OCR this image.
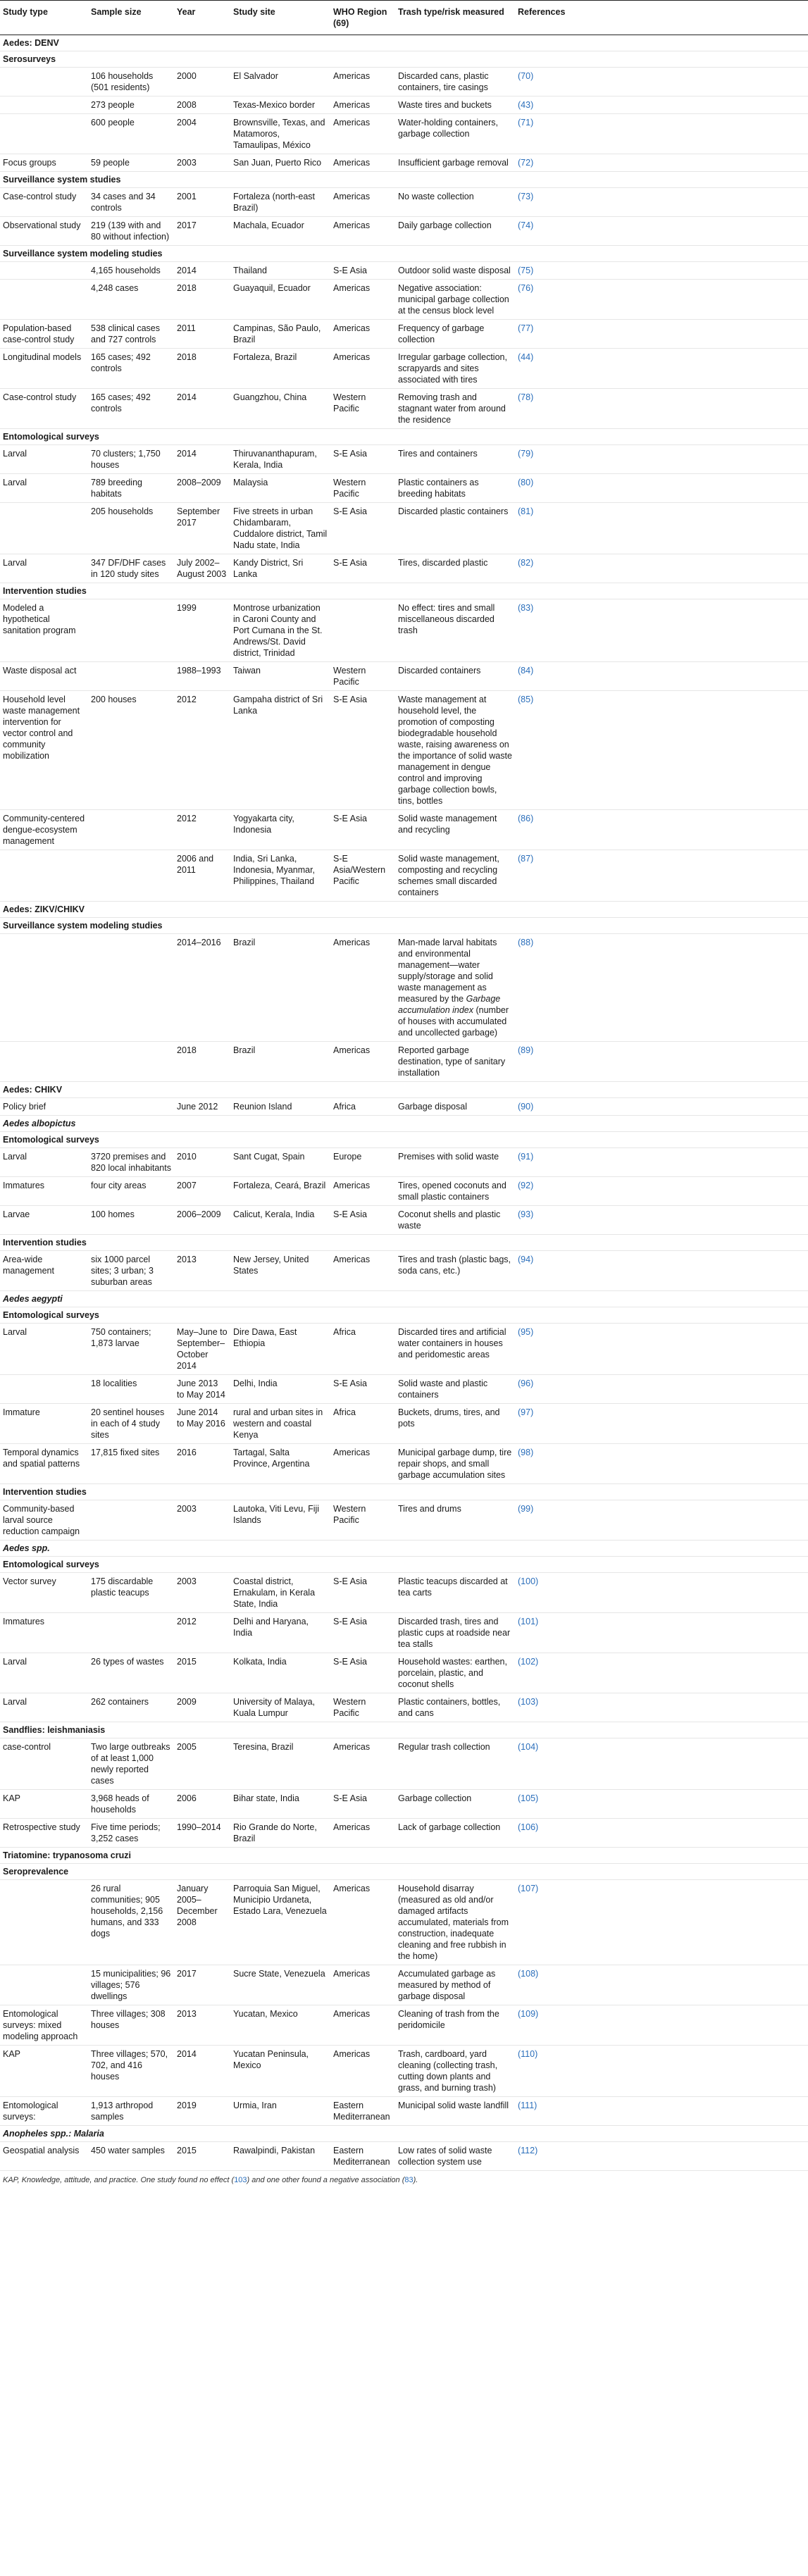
Study type	Sample size	Year	Study site	WHO Region (69)	Trash type/risk measured	References
Aedes: DENV						
Serosurveys						
	106 households (501 residents)	2000	El Salvador	Americas	Discarded cans, plastic containers, tire casings	(70)
	273 people	2008	Texas-Mexico border	Americas	Waste tires and buckets	(43)
	600 people	2004	Brownsville, Texas, and Matamoros, Tamaulipas, México	Americas	Water-holding containers, garbage collection	(71)
Focus groups	59 people	2003	San Juan, Puerto Rico	Americas	Insufficient garbage removal	(72)
Surveillance system studies						
Case-control study	34 cases and 34 controls	2001	Fortaleza (north-east Brazil)	Americas	No waste collection	(73)
Observational study	219 (139 with and 80 without infection)	2017	Machala, Ecuador	Americas	Daily garbage collection	(74)
Surveillance system modeling studies						
	4,165 households	2014	Thailand	S-E Asia	Outdoor solid waste disposal	(75)
	4,248 cases	2018	Guayaquil, Ecuador	Americas	Negative association: municipal garbage collection at the census block level	(76)
Population-based case-control study	538 clinical cases and 727 controls	2011	Campinas, São Paulo, Brazil	Americas	Frequency of garbage collection	(77)
Longitudinal models	165 cases; 492 controls	2018	Fortaleza, Brazil	Americas	Irregular garbage collection, scrapyards and sites associated with tires	(44)
Case-control study	165 cases; 492 controls	2014	Guangzhou, China	Western Pacific	Removing trash and stagnant water from around the residence	(78)
Entomological surveys						
Larval	70 clusters; 1,750 houses	2014	Thiruvananthapuram, Kerala, India	S-E Asia	Tires and containers	(79)
Larval	789 breeding habitats	2008–2009	Malaysia	Western Pacific	Plastic containers as breeding habitats	(80)
	205 households	September 2017	Five streets in urban Chidambaram, Cuddalore district, Tamil Nadu state, India	S-E Asia	Discarded plastic containers	(81)
Larval	347 DF/DHF cases in 120 study sites	July 2002–August 2003	Kandy District, Sri Lanka	S-E Asia	Tires, discarded plastic	(82)
Intervention studies						
Modeled a hypothetical sanitation program		1999	Montrose urbanization in Caroni County and Port Cumana in the St. Andrews/St. David district, Trinidad		No effect: tires and small miscellaneous discarded trash	(83)
Waste disposal act		1988–1993	Taiwan	Western Pacific	Discarded containers	(84)
Household level waste management intervention for vector control and community mobilization	200 houses	2012	Gampaha district of Sri Lanka	S-E Asia	Waste management at household level, the promotion of composting biodegradable household waste, raising awareness on the importance of solid waste management in dengue control and improving garbage collection bowls, tins, bottles	(85)
Community-centered dengue-ecosystem management		2012	Yogyakarta city, Indonesia	S-E Asia	Solid waste management and recycling	(86)
		2006 and 2011	India, Sri Lanka, Indonesia, Myanmar, Philippines, Thailand	S-E Asia/Western Pacific	Solid waste management, composting and recycling schemes small discarded containers	(87)
Aedes: ZIKV/CHIKV						
Surveillance system modeling studies						
		2014–2016	Brazil	Americas	Man-made larval habitats and environmental management—water supply/storage and solid waste management as measured by the Garbage accumulation index (number of houses with accumulated and uncollected garbage)	(88)
		2018	Brazil	Americas	Reported garbage destination, type of sanitary installation	(89)
Aedes: CHIKV						
Policy brief		June 2012	Reunion Island	Africa	Garbage disposal	(90)
Aedes albopictus						
Entomological surveys						
Larval	3720 premises and 820 local inhabitants	2010	Sant Cugat, Spain	Europe	Premises with solid waste	(91)
Immatures	four city areas	2007	Fortaleza, Ceará, Brazil	Americas	Tires, opened coconuts and small plastic containers	(92)
Larvae	100 homes	2006–2009	Calicut, Kerala, India	S-E Asia	Coconut shells and plastic waste	(93)
Intervention studies						
Area-wide management	six 1000 parcel sites; 3 urban; 3 suburban areas	2013	New Jersey, United States	Americas	Tires and trash (plastic bags, soda cans, etc.)	(94)
Aedes aegypti						
Entomological surveys						
Larval	750 containers; 1,873 larvae	May–June to September–October 2014	Dire Dawa, East Ethiopia	Africa	Discarded tires and artificial water containers in houses and peridomestic areas	(95)
	18 localities	June 2013 to May 2014	Delhi, India	S-E Asia	Solid waste and plastic containers	(96)
Immature	20 sentinel houses in each of 4 study sites	June 2014 to May 2016	rural and urban sites in western and coastal Kenya	Africa	Buckets, drums, tires, and pots	(97)
Temporal dynamics and spatial patterns	17,815 fixed sites	2016	Tartagal, Salta Province, Argentina	Americas	Municipal garbage dump, tire repair shops, and small garbage accumulation sites	(98)
Intervention studies						
Community-based larval source reduction campaign		2003	Lautoka, Viti Levu, Fiji Islands	Western Pacific	Tires and drums	(99)
Aedes spp.						
Entomological surveys						
Vector survey	175 discardable plastic teacups	2003	Coastal district, Ernakulam, in Kerala State, India	S-E Asia	Plastic teacups discarded at tea carts	(100)
Immatures		2012	Delhi and Haryana, India	S-E Asia	Discarded trash, tires and plastic cups at roadside near tea stalls	(101)
Larval	26 types of wastes	2015	Kolkata, India	S-E Asia	Household wastes: earthen, porcelain, plastic, and coconut shells	(102)
Larval	262 containers	2009	University of Malaya, Kuala Lumpur	Western Pacific	Plastic containers, bottles, and cans	(103)
Sandflies: leishmaniasis						
case-control	Two large outbreaks of at least 1,000 newly reported cases	2005	Teresina, Brazil	Americas	Regular trash collection	(104)
KAP	3,968 heads of households	2006	Bihar state, India	S-E Asia	Garbage collection	(105)
Retrospective study	Five time periods; 3,252 cases	1990–2014	Rio Grande do Norte, Brazil	Americas	Lack of garbage collection	(106)
Triatomine: trypanosoma cruzi						
Seroprevalence						
	26 rural communities; 905 households, 2,156 humans, and 333 dogs	January 2005–December 2008	Parroquia San Miguel, Municipio Urdaneta, Estado Lara, Venezuela	Americas	Household disarray (measured as old and/or damaged artifacts accumulated, materials from construction, inadequate cleaning and free rubbish in the home)	(107)
	15 municipalities; 96 villages; 576 dwellings	2017	Sucre State, Venezuela	Americas	Accumulated garbage as measured by method of garbage disposal	(108)
Entomological surveys: mixed modeling approach	Three villages; 308 houses	2013	Yucatan, Mexico	Americas	Cleaning of trash from the peridomicile	(109)
KAP	Three villages; 570, 702, and 416 houses	2014	Yucatan Peninsula, Mexico	Americas	Trash, cardboard, yard cleaning (collecting trash, cutting down plants and grass, and burning trash)	(110)
Entomological surveys:	1,913 arthropod samples	2019	Urmia, Iran	Eastern Mediterranean	Municipal solid waste landfill	(111)
Anopheles spp.: Malaria						
Geospatial analysis	450 water samples	2015	Rawalpindi, Pakistan	Eastern Mediterranean	Low rates of solid waste collection system use	(112)
KAP, Knowledge, attitude, and practice. One study found no effect (103) and one other found a negative association (83).
